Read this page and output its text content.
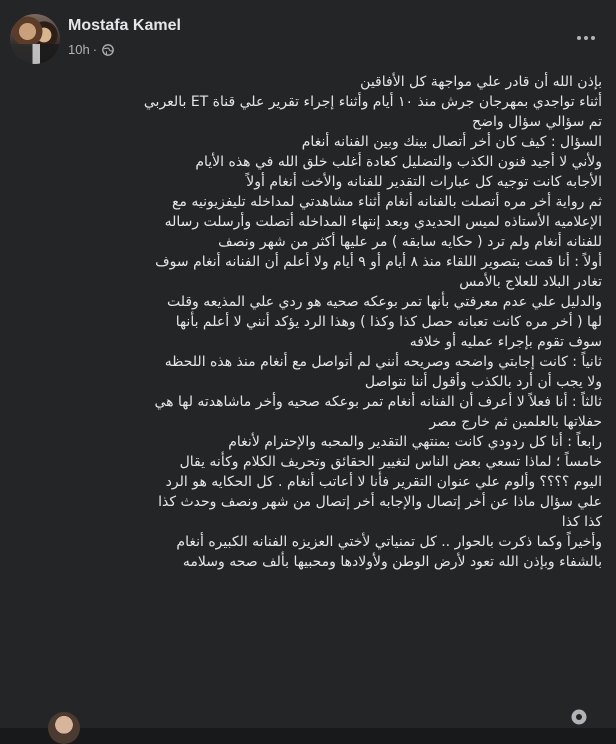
Mostafa Kamel
10h ·

بإذن الله أن قادر علي مواجهة كل الأفاقين

أثناء تواجدي بمهرجان جرش منذ ١٠ أيام وأثناء إجراء تقرير علي قناة ET بالعربي

تم سؤالي سؤال واضح

السؤال : كيف كان أخر أتصال بينك وبين الفنانه أنغام

ولأني لا أجيد فنون الكذب والتضليل كعادة أغلب خلق الله في هذه الأيام

الأجابه كانت توجيه كل عبارات التقدير للفنانه والأخت أنغام أولاً

ثم رواية أخر مره أتصلت بالفنانه أنغام أثناء مشاهدتي لمداخله تليفزيونيه مع

الإعلاميه الأستاذه لميس الحديدي وبعد إنتهاء المداخله أتصلت وأرسلت رساله

للفنانه أنغام ولم ترد ( حكايه سابقه ) مر عليها أكثر من شهر ونصف

أولاً : أنا قمت بتصوير اللقاء منذ ٨ أيام أو ٩ أيام ولا أعلم أن الفنانه أنغام سوف

تغادر البلاد للعلاج بالأمس

والدليل علي عدم معرفتي بأنها تمر بوعكه صحيه هو ردي علي المذيعه وقلت

لها ( أخر مره كانت تعبانه حصل كذا وكذا ) وهذا الرد يؤكد أنني لا أعلم بأنها

سوف تقوم بإجراء عمليه أو خلافه

ثانياً : كانت إجابتي واضحه وصريحه أنني لم أتواصل مع أنغام منذ هذه اللحظه

ولا يجب أن أرد بالكذب وأقول أننا نتواصل

ثالثاً : أنا فعلاً لا أعرف أن الفنانه أنغام تمر بوعكه صحيه وأخر ماشاهدته لها هي

حفلاتها بالعلمين ثم خارج مصر

رابعاً : أنا كل ردودي كانت بمنتهي التقدير والمحبه والإحترام لأنغام

خامساً ؛ لماذا تسعي بعض الناس لتغيير الحقائق وتحريف الكلام وكأنه يقال

اليوم ؟؟؟؟ وألوم علي عنوان التقرير فأنا لا أعاتب أنغام . كل الحكايه هو الرد

علي سؤال ماذا عن أخر إتصال والإجابه أخر إتصال من شهر ونصف وحدث كذا

كذا كذا

وأخيراً وكما ذكرت بالحوار .. كل تمنياتي لأختي العزيزه الفنانه الكبيره أنغام

بالشفاء وبإذن الله تعود لأرض الوطن ولأولادها ومحبيها بألف صحه وسلامه
